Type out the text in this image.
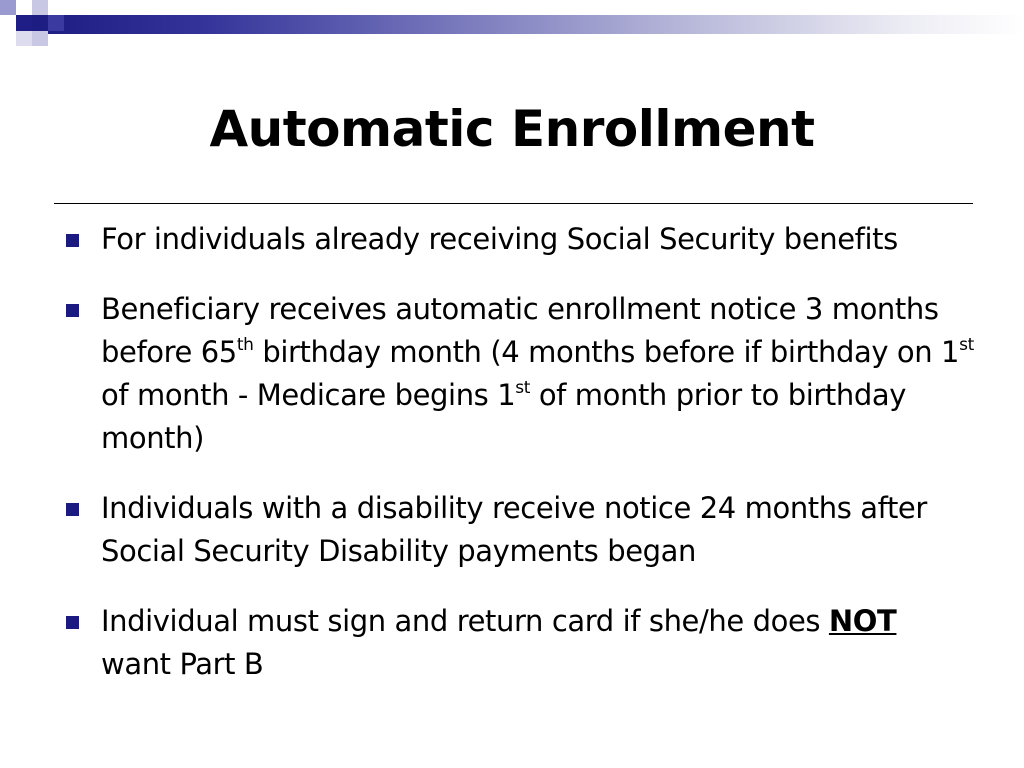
Automatic Enrollment
For individuals already receiving Social Security benefits
Beneficiary receives automatic enrollment notice 3 months before 65th birthday month (4 months before if birthday on 1st of month - Medicare begins 1st of month prior to birthday month)
Individuals with a disability receive notice 24 months after Social Security Disability payments began
Individual must sign and return card if she/he does NOT want Part B
